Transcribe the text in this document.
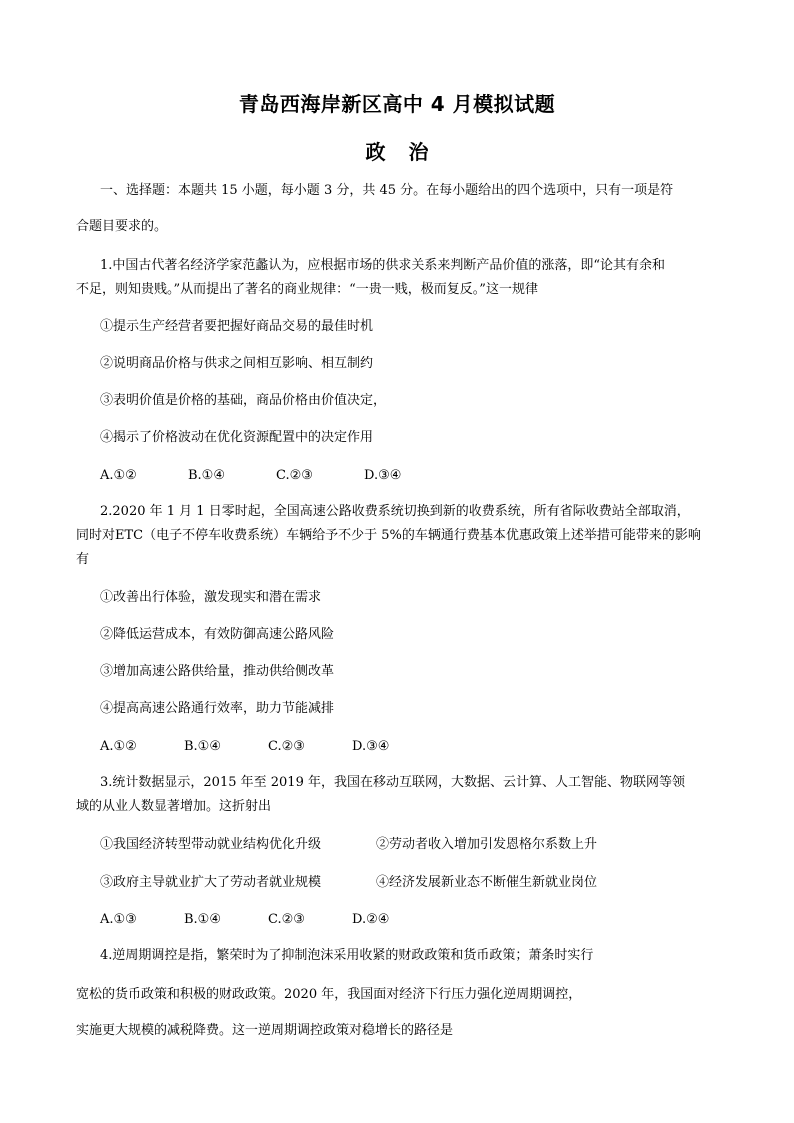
青岛西海岸新区高中 4 月模拟试题
政 治
一、选择题：本题共 15 小题，每小题 3 分，共 45 分。在每小题给出的四个选项中，只有一项是符
合题目要求的。
1.中国古代著名经济学家范蠡认为，应根据市场的供求关系来判断产品价值的涨落，即“论其有余和
不足，则知贵贱。”从而提出了著名的商业规律：“一贵一贱，极而复反。”这一规律
①提示生产经营者要把握好商品交易的最佳时机
②说明商品价格与供求之间相互影响、相互制约
③表明价值是价格的基础，商品价格由价值决定，
④揭示了价格波动在优化资源配置中的决定作用
A.①②	B.①④	C.②③	D.③④
2.2020 年 1 月 1 日零时起，全国高速公路收费系统切换到新的收费系统，所有省际收费站全部取消，
同时对ETC（电子不停车收费系统）车辆给予不少于 5%的车辆通行费基本优惠政策上述举措可能带来的影响
有
①改善出行体验，激发现实和潜在需求
②降低运营成本，有效防御高速公路风险
③增加高速公路供给量，推动供给侧改革
④提高高速公路通行效率，助力节能减排
A.①②	B.①④	C.②③	D.③④
3.统计数据显示，2015 年至 2019 年，我国在移动互联网，大数据、云计算、人工智能、物联网等领
域的从业人数显著增加。这折射出
①我国经济转型带动就业结构优化升级	②劳动者收入增加引发恩格尔系数上升
③政府主导就业扩大了劳动者就业规模	④经济发展新业态不断催生新就业岗位
A.①③	B.①④	C.②③	D.②④
4.逆周期调控是指，繁荣时为了抑制泡沫采用收紧的财政政策和货币政策；萧条时实行
宽松的货币政策和积极的财政政策。2020 年，我国面对经济下行压力强化逆周期调控，
实施更大规模的减税降费。这一逆周期调控政策对稳增长的路径是
